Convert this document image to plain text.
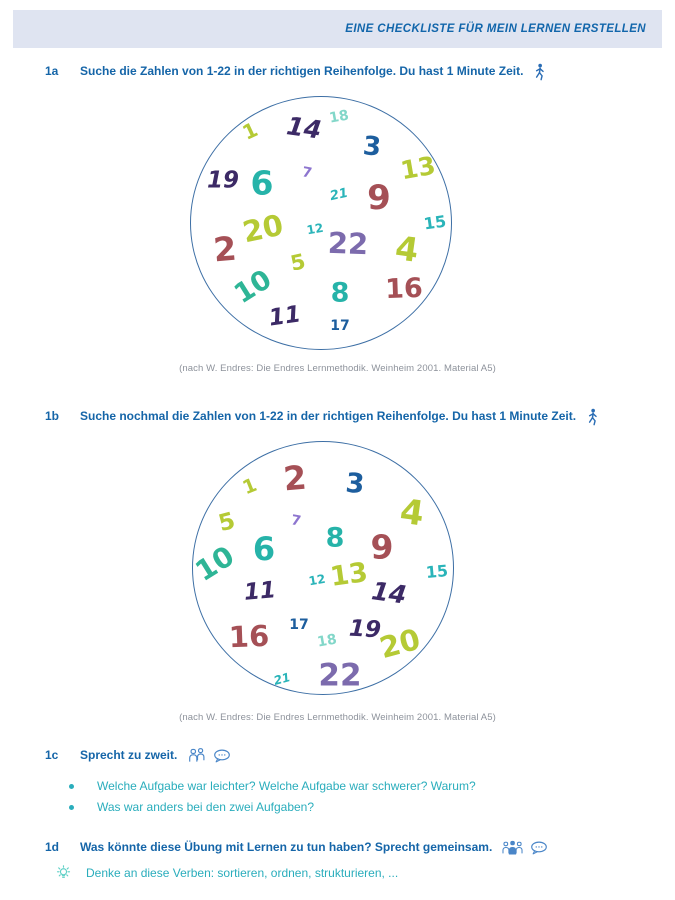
EINE CHECKLISTE FÜR MEIN LERNEN ERSTELLEN
1a	Suche die Zahlen von 1-22 in der richtigen Reihenfolge. Du hast 1 Minute Zeit.
1 14 18
3
13
19 6 7
21 9
15
20 12
2	22 4
5
10 8 16
11 17
(nach W. Endres: Die Endres Lernmethodik. Weinheim 2001. Material A5)
1b	Suche nochmal die Zahlen von 1-22 in der richtigen Reihenfolge. Du hast 1 Minute Zeit.
1 2 3
4
5	7
8 9
6
10	15
12 13
11	14
17 19
16	18 20
22
21
(nach W. Endres: Die Endres Lernmethodik. Weinheim 2001. Material A5)
1c	Sprecht zu zweit.
Welche Aufgabe war leichter? Welche Aufgabe war schwerer? Warum?
Was war anders bei den zwei Aufgaben?
1d	Was könnte diese Übung mit Lernen zu tun haben? Sprecht gemeinsam.
Denke an diese Verben: sortieren, ordnen, strukturieren, ...
